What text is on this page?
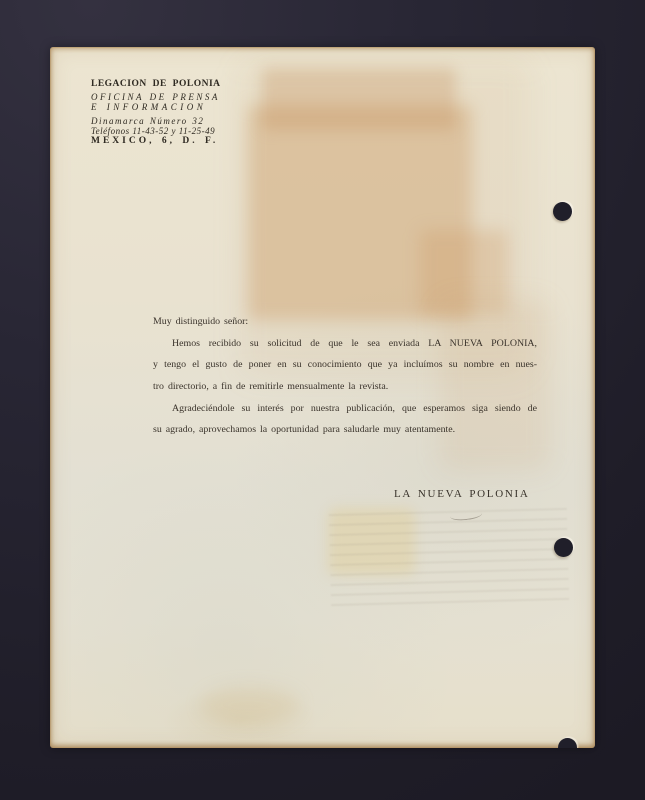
LEGACION DE POLONIA
OFICINA DE PRENSA
E INFORMACION
Dinamarca Número 32
Teléfonos 11-43-52 y 11-25-49
MEXICO, 6, D. F.
Muy distinguido señor:
Hemos recibido su solicitud de que le sea enviada LA NUEVA POLONIA,
y tengo el gusto de poner en su conocimiento que ya incluímos su nombre en nues-
tro directorio, a fin de remitirle mensualmente la revista.
Agradeciéndole su interés por nuestra publicación, que esperamos siga siendo de
su agrado, aprovechamos la oportunidad para saludarle muy atentamente.
LA NUEVA POLONIA
